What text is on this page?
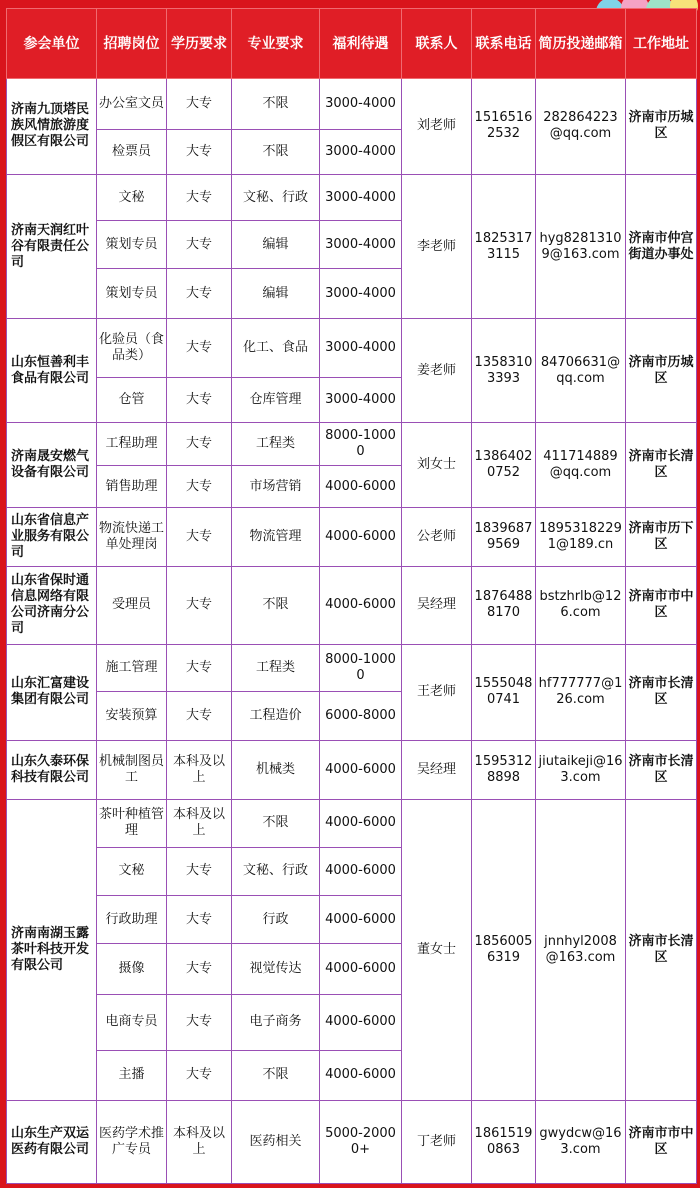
参会单位	招聘岗位	学历要求	专业要求	福利待遇	联系人	联系电话	简历投递邮箱	工作地址
济南九顶塔民族风情旅游度假区有限公司	办公室文员	大专	不限	3000-4000	刘老师	15165162532	282864223@qq.com	济南市历城区
	检票员	大专	不限	3000-4000				
济南天润红叶谷有限责任公司	文秘	大专	文秘、行政	3000-4000	李老师	18253173115	hyg82813109@163.com	济南市仲宫街道办事处
	策划专员	大专	编辑	3000-4000				
	策划专员	大专	编辑	3000-4000				
山东恒善利丰食品有限公司	化验员（食品类）	大专	化工、食品	3000-4000	姜老师	13583103393	84706631@qq.com	济南市历城区
	仓管	大专	仓库管理	3000-4000				
济南晟安燃气设备有限公司	工程助理	大专	工程类	8000-10000	刘女士	13864020752	411714889@qq.com	济南市长清区
	销售助理	大专	市场营销	4000-6000				
山东省信息产业服务有限公司	物流快递工单处理岗	大专	物流管理	4000-6000	公老师	18396879569	18953182291@189.cn	济南市历下区
山东省保时通信息网络有限公司济南分公司	受理员	大专	不限	4000-6000	吴经理	18764888170	bstzhrlb@126.com	济南市市中区
山东汇富建设集团有限公司	施工管理	大专	工程类	8000-10000	王老师	15550480741	hf777777@126.com	济南市长清区
	安装预算	大专	工程造价	6000-8000				
山东久泰环保科技有限公司	机械制图员工	本科及以上	机械类	4000-6000	吴经理	15953128898	jiutaikeji@163.com	济南市长清区
济南南湖玉露茶叶科技开发有限公司	茶叶种植管理	本科及以上	不限	4000-6000	董女士	18560056319	jnnhyl2008@163.com	济南市长清区
	文秘	大专	文秘、行政	4000-6000				
	行政助理	大专	行政	4000-6000				
	摄像	大专	视觉传达	4000-6000				
	电商专员	大专	电子商务	4000-6000				
	主播	大专	不限	4000-6000				
山东生产双运医药有限公司	医药学术推广专员	本科及以上	医药相关	5000-20000+	丁老师	18615190863	gwydcw@163.com	济南市市中区
